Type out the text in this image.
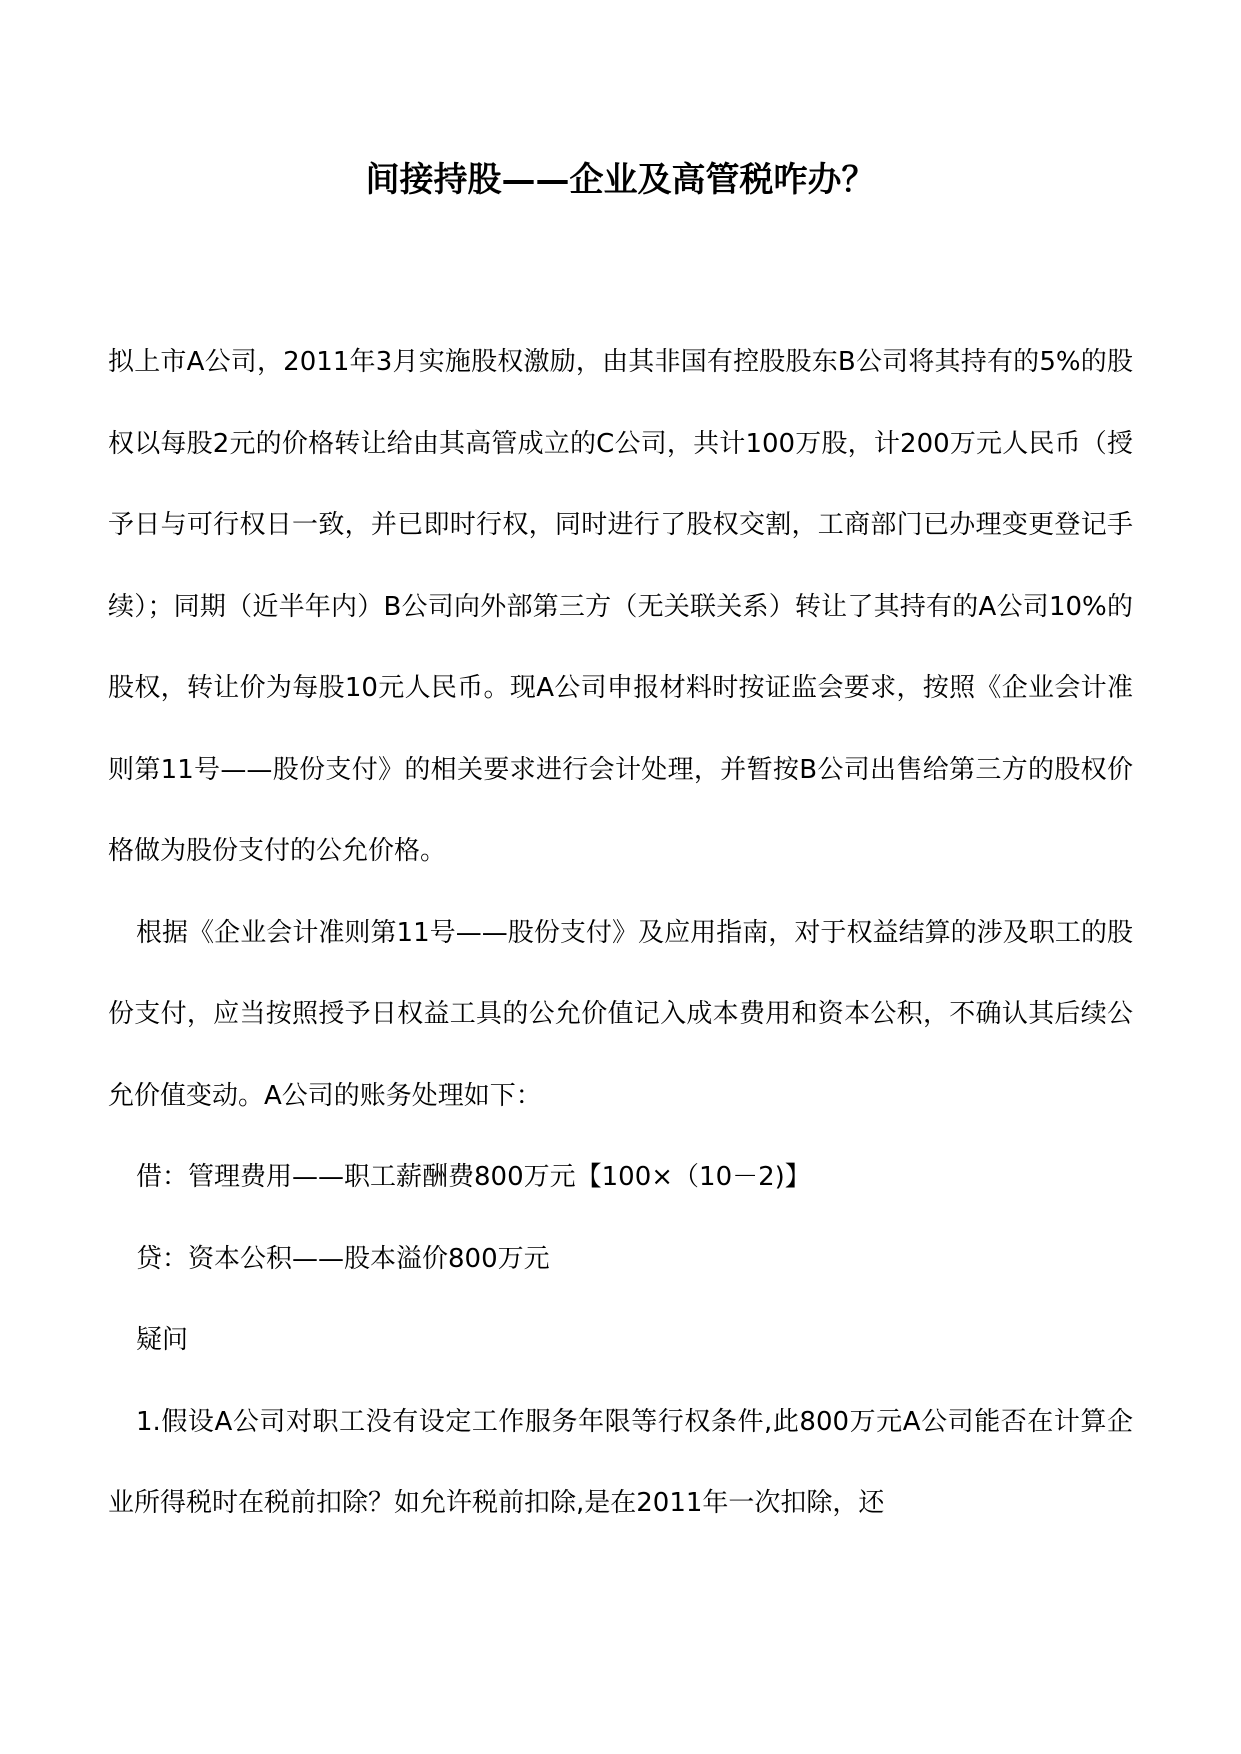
间接持股——企业及高管税咋办？

拟上市A公司，2011年3月实施股权激励，由其非国有控股股东B公司将其持有的5%的股权以每股2元的价格转让给由其高管成立的C公司，共计100万股，计200万元人民币（授予日与可行权日一致，并已即时行权，同时进行了股权交割，工商部门已办理变更登记手续）；同期（近半年内）B公司向外部第三方（无关联关系）转让了其持有的A公司10%的股权，转让价为每股10元人民币。现A公司申报材料时按证监会要求，按照《企业会计准则第11号——股份支付》的相关要求进行会计处理，并暂按B公司出售给第三方的股权价格做为股份支付的公允价格。

根据《企业会计准则第11号——股份支付》及应用指南，对于权益结算的涉及职工的股份支付，应当按照授予日权益工具的公允价值记入成本费用和资本公积，不确认其后续公允价值变动。A公司的账务处理如下：

借：管理费用——职工薪酬费800万元【100×（10－2)】

贷：资本公积——股本溢价800万元

疑问

1.假设A公司对职工没有设定工作服务年限等行权条件,此800万元A公司能否在计算企业所得税时在税前扣除？如允许税前扣除,是在2011年一次扣除，还
